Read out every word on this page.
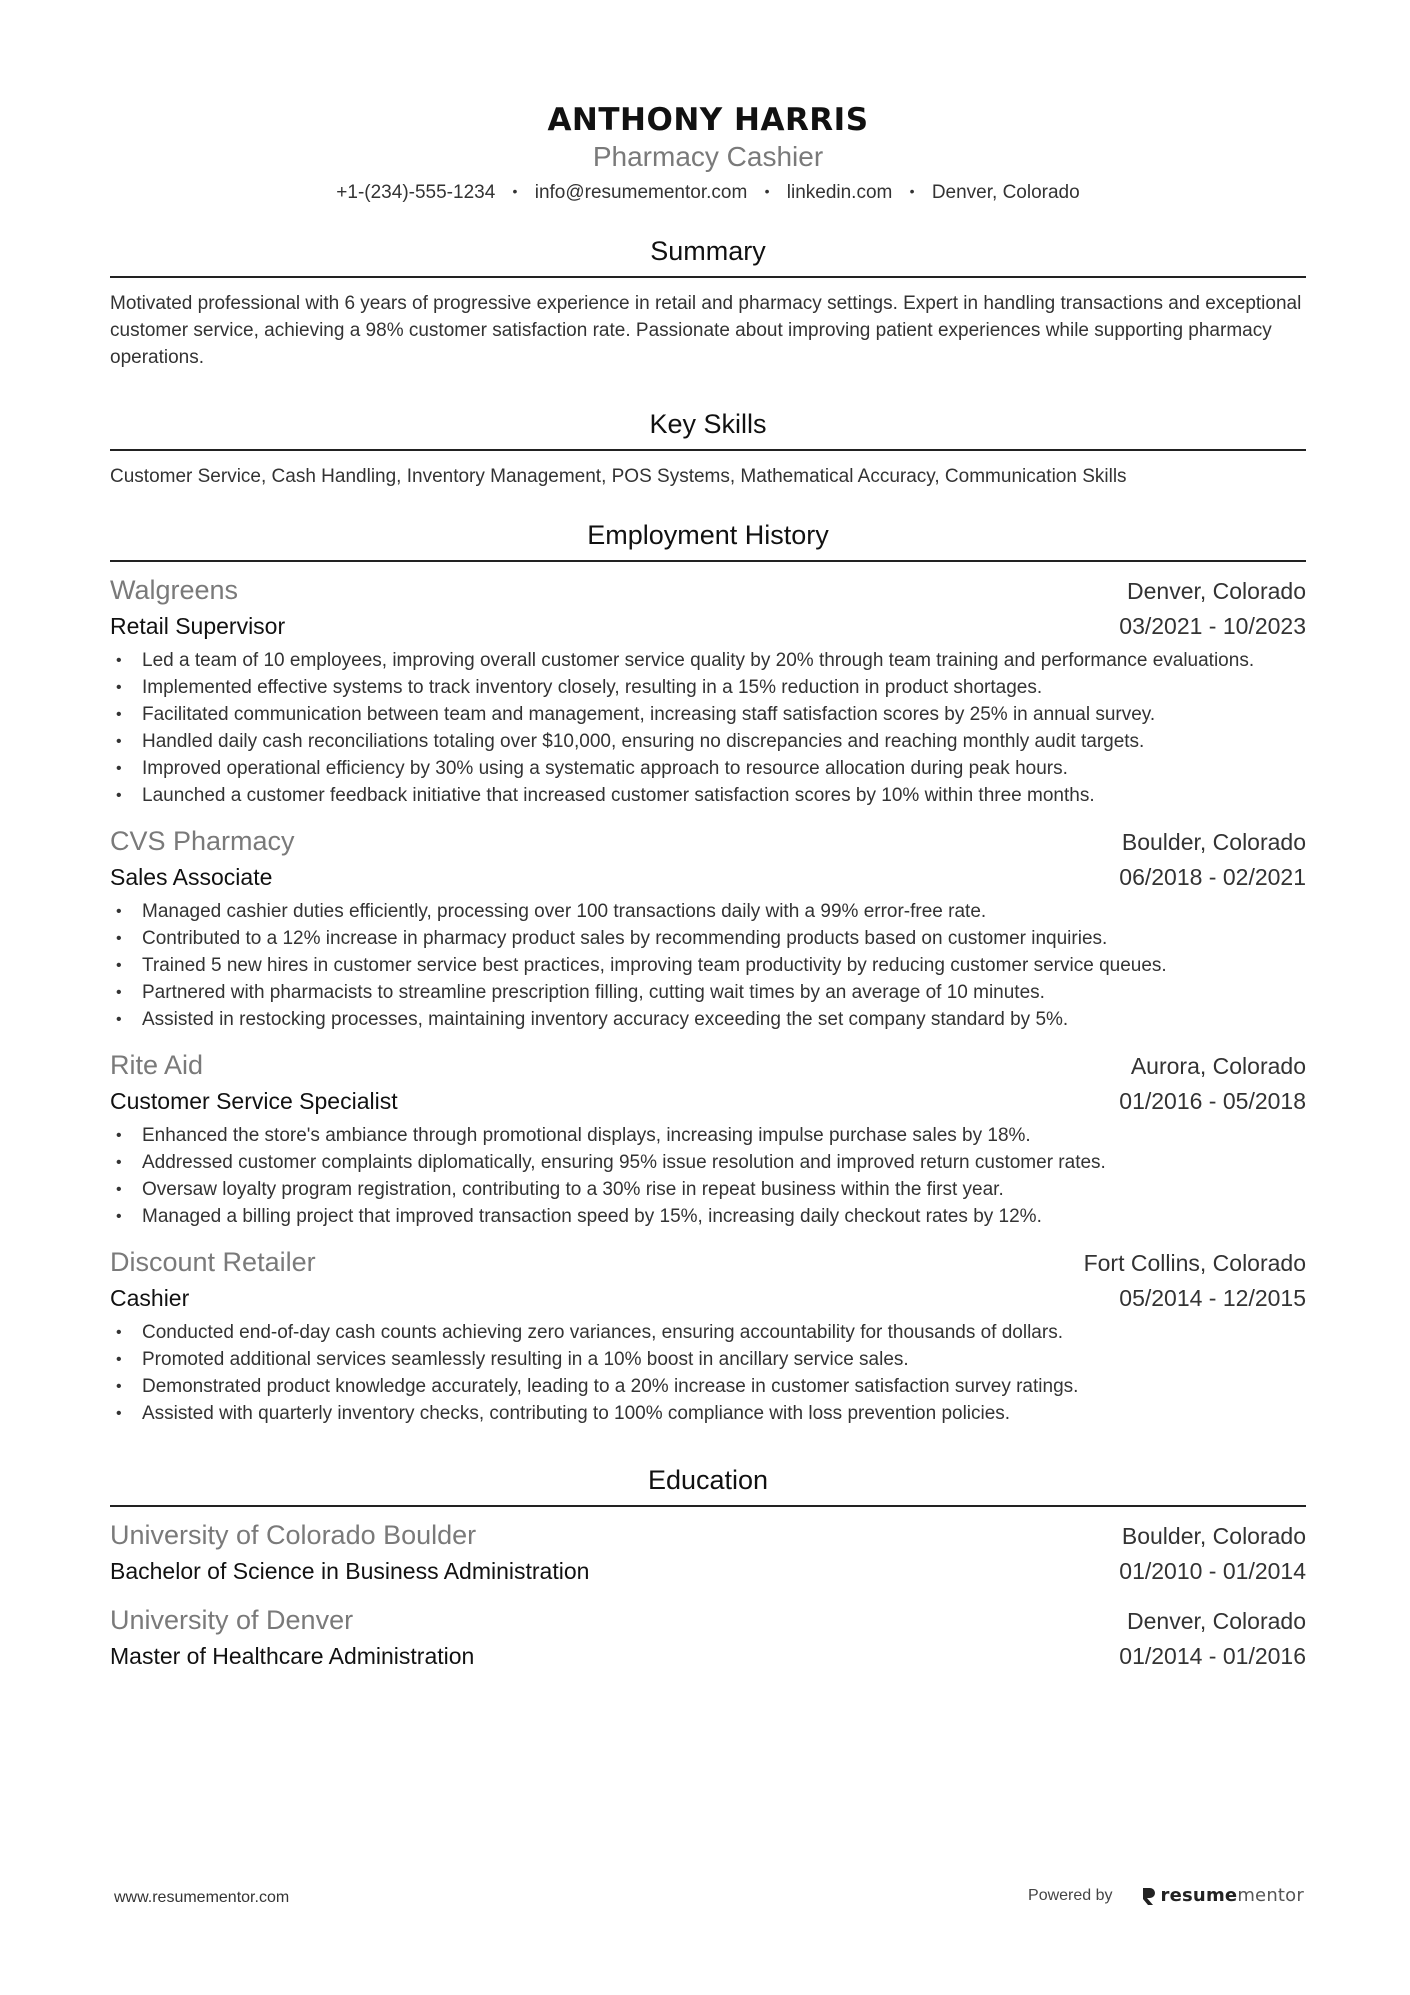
ANTHONY HARRIS
Pharmacy Cashier
+1-(234)-555-1234 • info@resumementor.com • linkedin.com • Denver, Colorado
Summary
Motivated professional with 6 years of progressive experience in retail and pharmacy settings. Expert in handling transactions and exceptional customer service, achieving a 98% customer satisfaction rate. Passionate about improving patient experiences while supporting pharmacy operations.
Key Skills
Customer Service, Cash Handling, Inventory Management, POS Systems, Mathematical Accuracy, Communication Skills
Employment History
Walgreens	Denver, Colorado
Retail Supervisor	03/2021 - 10/2023
• Led a team of 10 employees, improving overall customer service quality by 20% through team training and performance evaluations.
• Implemented effective systems to track inventory closely, resulting in a 15% reduction in product shortages.
• Facilitated communication between team and management, increasing staff satisfaction scores by 25% in annual survey.
• Handled daily cash reconciliations totaling over $10,000, ensuring no discrepancies and reaching monthly audit targets.
• Improved operational efficiency by 30% using a systematic approach to resource allocation during peak hours.
• Launched a customer feedback initiative that increased customer satisfaction scores by 10% within three months.
CVS Pharmacy	Boulder, Colorado
Sales Associate	06/2018 - 02/2021
• Managed cashier duties efficiently, processing over 100 transactions daily with a 99% error-free rate.
• Contributed to a 12% increase in pharmacy product sales by recommending products based on customer inquiries.
• Trained 5 new hires in customer service best practices, improving team productivity by reducing customer service queues.
• Partnered with pharmacists to streamline prescription filling, cutting wait times by an average of 10 minutes.
• Assisted in restocking processes, maintaining inventory accuracy exceeding the set company standard by 5%.
Rite Aid	Aurora, Colorado
Customer Service Specialist	01/2016 - 05/2018
• Enhanced the store's ambiance through promotional displays, increasing impulse purchase sales by 18%.
• Addressed customer complaints diplomatically, ensuring 95% issue resolution and improved return customer rates.
• Oversaw loyalty program registration, contributing to a 30% rise in repeat business within the first year.
• Managed a billing project that improved transaction speed by 15%, increasing daily checkout rates by 12%.
Discount Retailer	Fort Collins, Colorado
Cashier	05/2014 - 12/2015
• Conducted end-of-day cash counts achieving zero variances, ensuring accountability for thousands of dollars.
• Promoted additional services seamlessly resulting in a 10% boost in ancillary service sales.
• Demonstrated product knowledge accurately, leading to a 20% increase in customer satisfaction survey ratings.
• Assisted with quarterly inventory checks, contributing to 100% compliance with loss prevention policies.
Education
University of Colorado Boulder	Boulder, Colorado
Bachelor of Science in Business Administration	01/2010 - 01/2014
University of Denver	Denver, Colorado
Master of Healthcare Administration	01/2014 - 01/2016
www.resumementor.com	Powered by	resumementor
